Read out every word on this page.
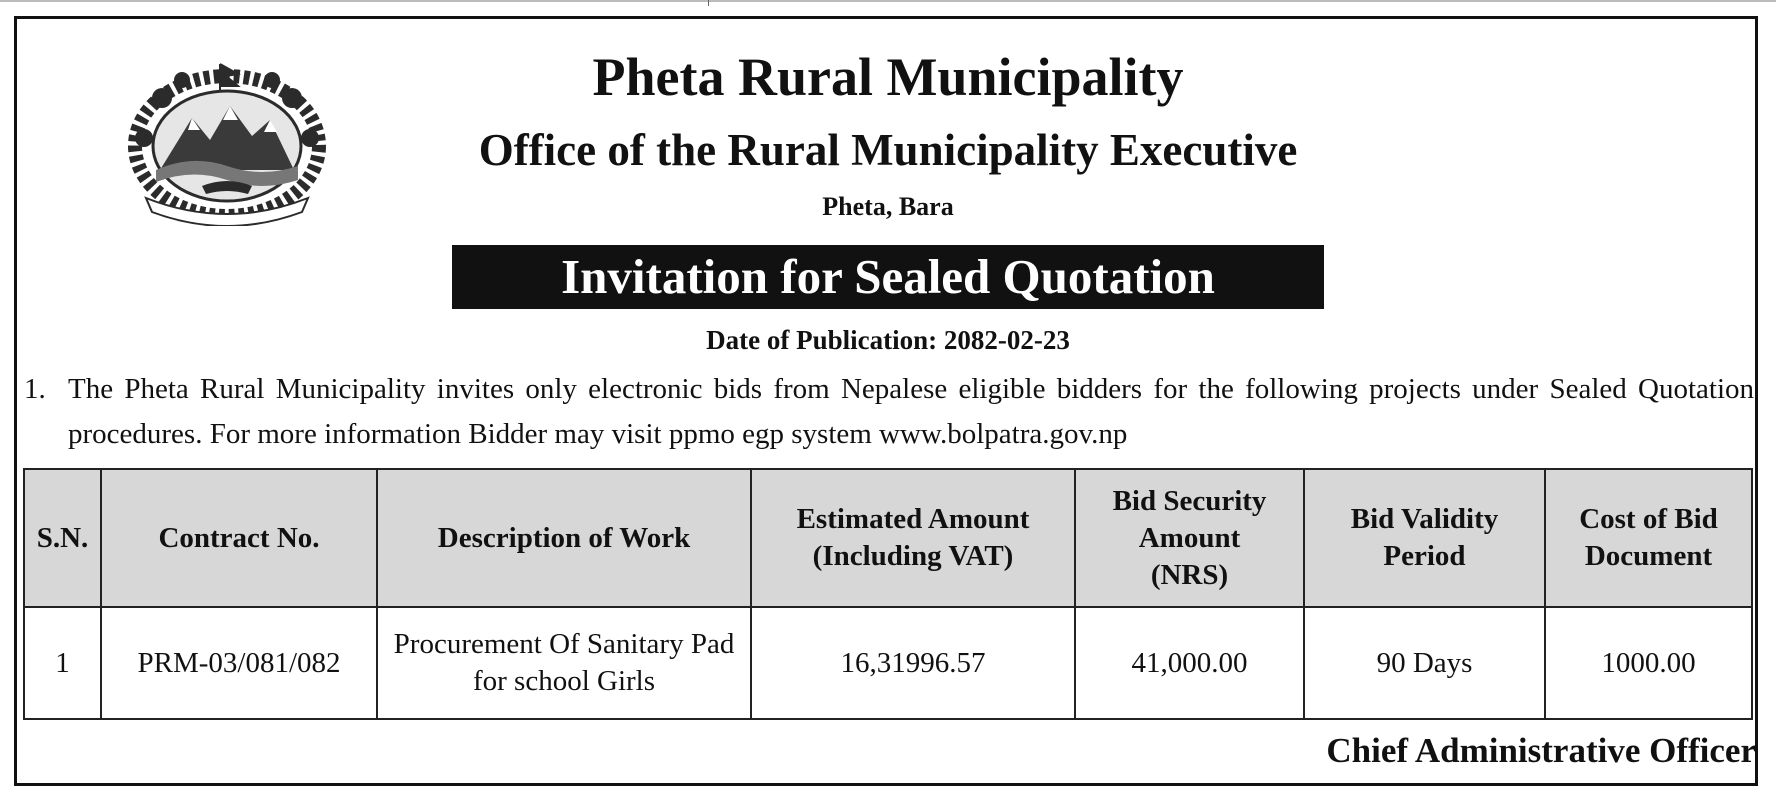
Pheta Rural Municipality
Office of the Rural Municipality Executive
Pheta, Bara
Invitation for Sealed Quotation
Date of Publication: 2082-02-23
1. The Pheta Rural Municipality invites only electronic bids from Nepalese eligible bidders for the following projects under Sealed Quotation procedures. For more information Bidder may visit ppmo egp system www.bolpatra.gov.np
S.N.	Contract No.	Description of Work	Estimated Amount (Including VAT)	Bid Security Amount (NRS)	Bid Validity Period	Cost of Bid Document
1	PRM-03/081/082	Procurement Of Sanitary Pad for school Girls	16,31996.57	41,000.00	90 Days	1000.00
Chief Administrative Officer
